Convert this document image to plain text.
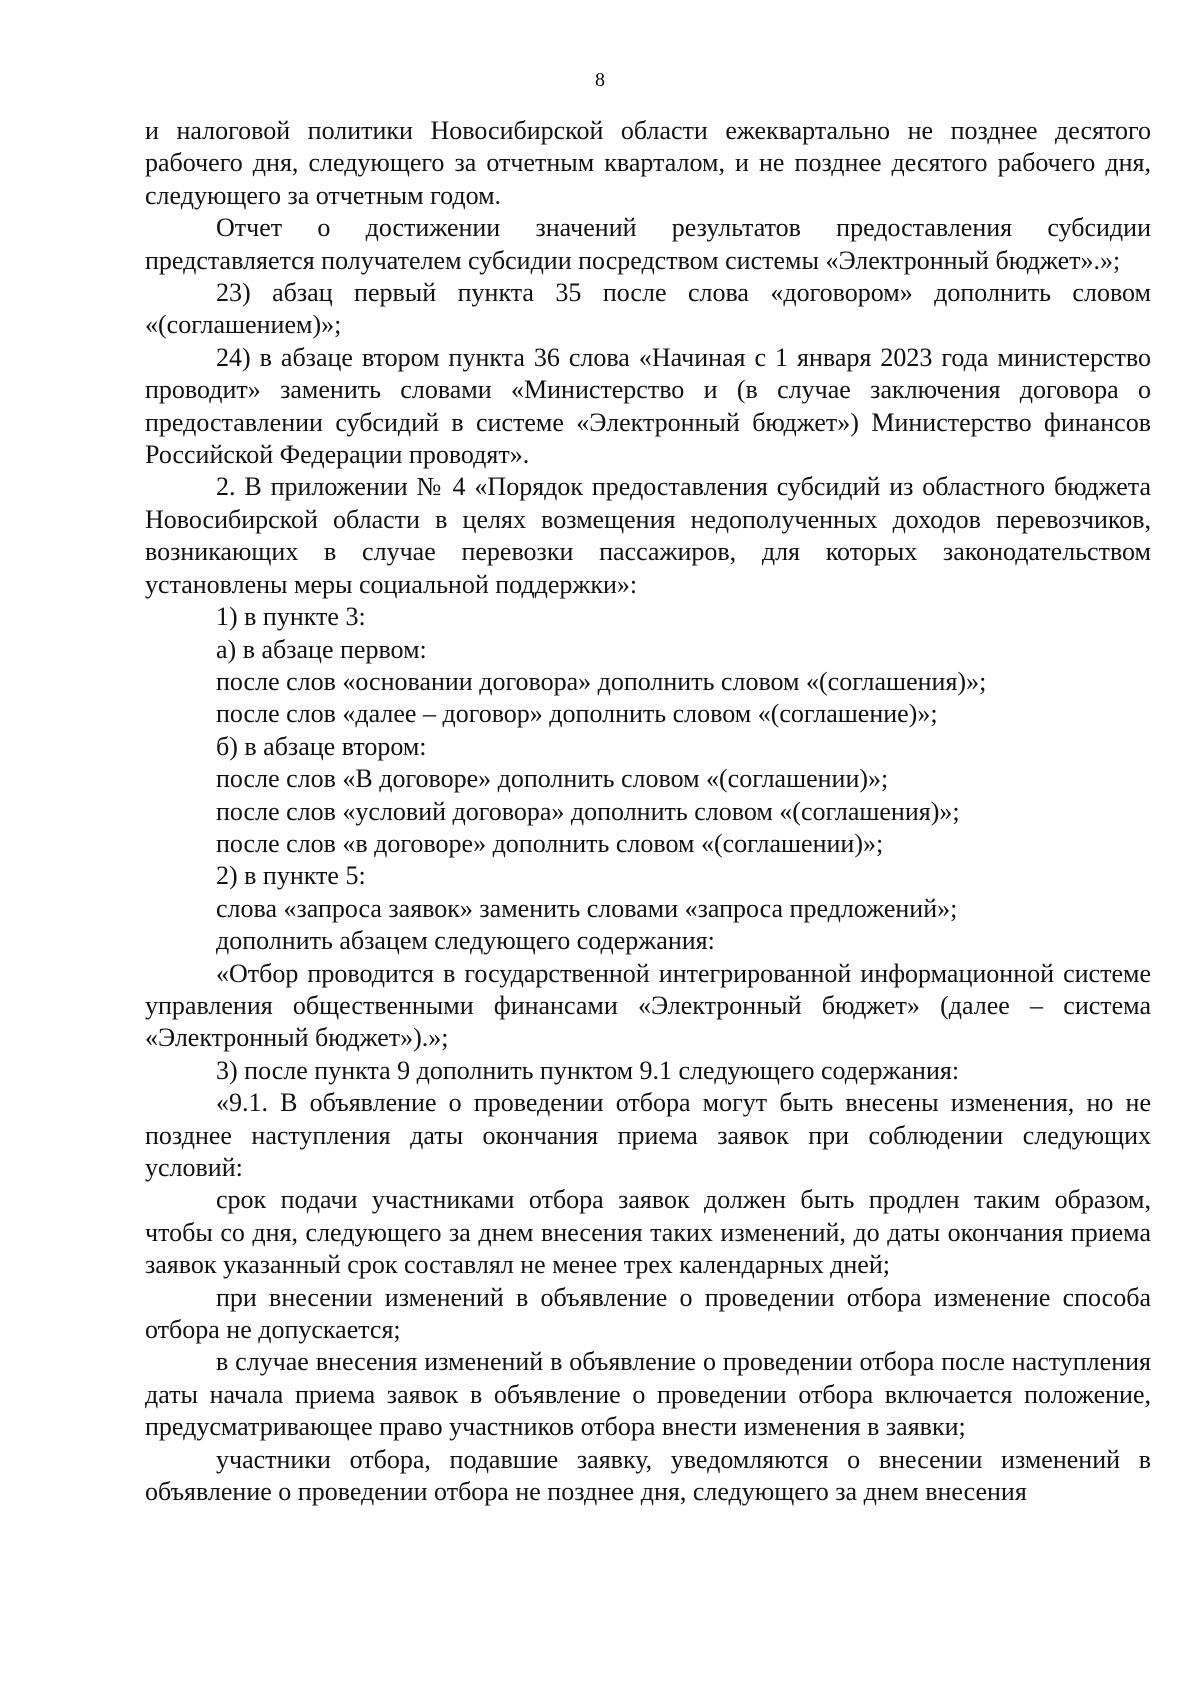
8

и налоговой политики Новосибирской области ежеквартально не позднее десятого рабочего дня, следующего за отчетным кварталом, и не позднее десятого рабочего дня, следующего за отчетным годом.

Отчет о достижении значений результатов предоставления субсидии представляется получателем субсидии посредством системы «Электронный бюджет».»;

23) абзац первый пункта 35 после слова «договором» дополнить словом «(соглашением)»;

24) в абзаце втором пункта 36 слова «Начиная с 1 января 2023 года министерство проводит» заменить словами «Министерство и (в случае заключения договора о предоставлении субсидий в системе «Электронный бюджет») Министерство финансов Российской Федерации проводят».

2. В приложении № 4 «Порядок предоставления субсидий из областного бюджета Новосибирской области в целях возмещения недополученных доходов перевозчиков, возникающих в случае перевозки пассажиров, для которых законодательством установлены меры социальной поддержки»:

1) в пункте 3:

а) в абзаце первом:

после слов «основании договора» дополнить словом «(соглашения)»;

после слов «далее – договор» дополнить словом «(соглашение)»;

б) в абзаце втором:

после слов «В договоре» дополнить словом «(соглашении)»;

после слов «условий договора» дополнить словом «(соглашения)»;

после слов «в договоре» дополнить словом «(соглашении)»;

2) в пункте 5:

слова «запроса заявок» заменить словами «запроса предложений»;

дополнить абзацем следующего содержания:

«Отбор проводится в государственной интегрированной информационной системе управления общественными финансами «Электронный бюджет» (далее – система «Электронный бюджет»).»;

3) после пункта 9 дополнить пунктом 9.1 следующего содержания:

«9.1. В объявление о проведении отбора могут быть внесены изменения, но не позднее наступления даты окончания приема заявок при соблюдении следующих условий:

срок подачи участниками отбора заявок должен быть продлен таким образом, чтобы со дня, следующего за днем внесения таких изменений, до даты окончания приема заявок указанный срок составлял не менее трех календарных дней;

при внесении изменений в объявление о проведении отбора изменение способа отбора не допускается;

в случае внесения изменений в объявление о проведении отбора после наступления даты начала приема заявок в объявление о проведении отбора включается положение, предусматривающее право участников отбора внести изменения в заявки;

участники отбора, подавшие заявку, уведомляются о внесении изменений в объявление о проведении отбора не позднее дня, следующего за днем внесения
